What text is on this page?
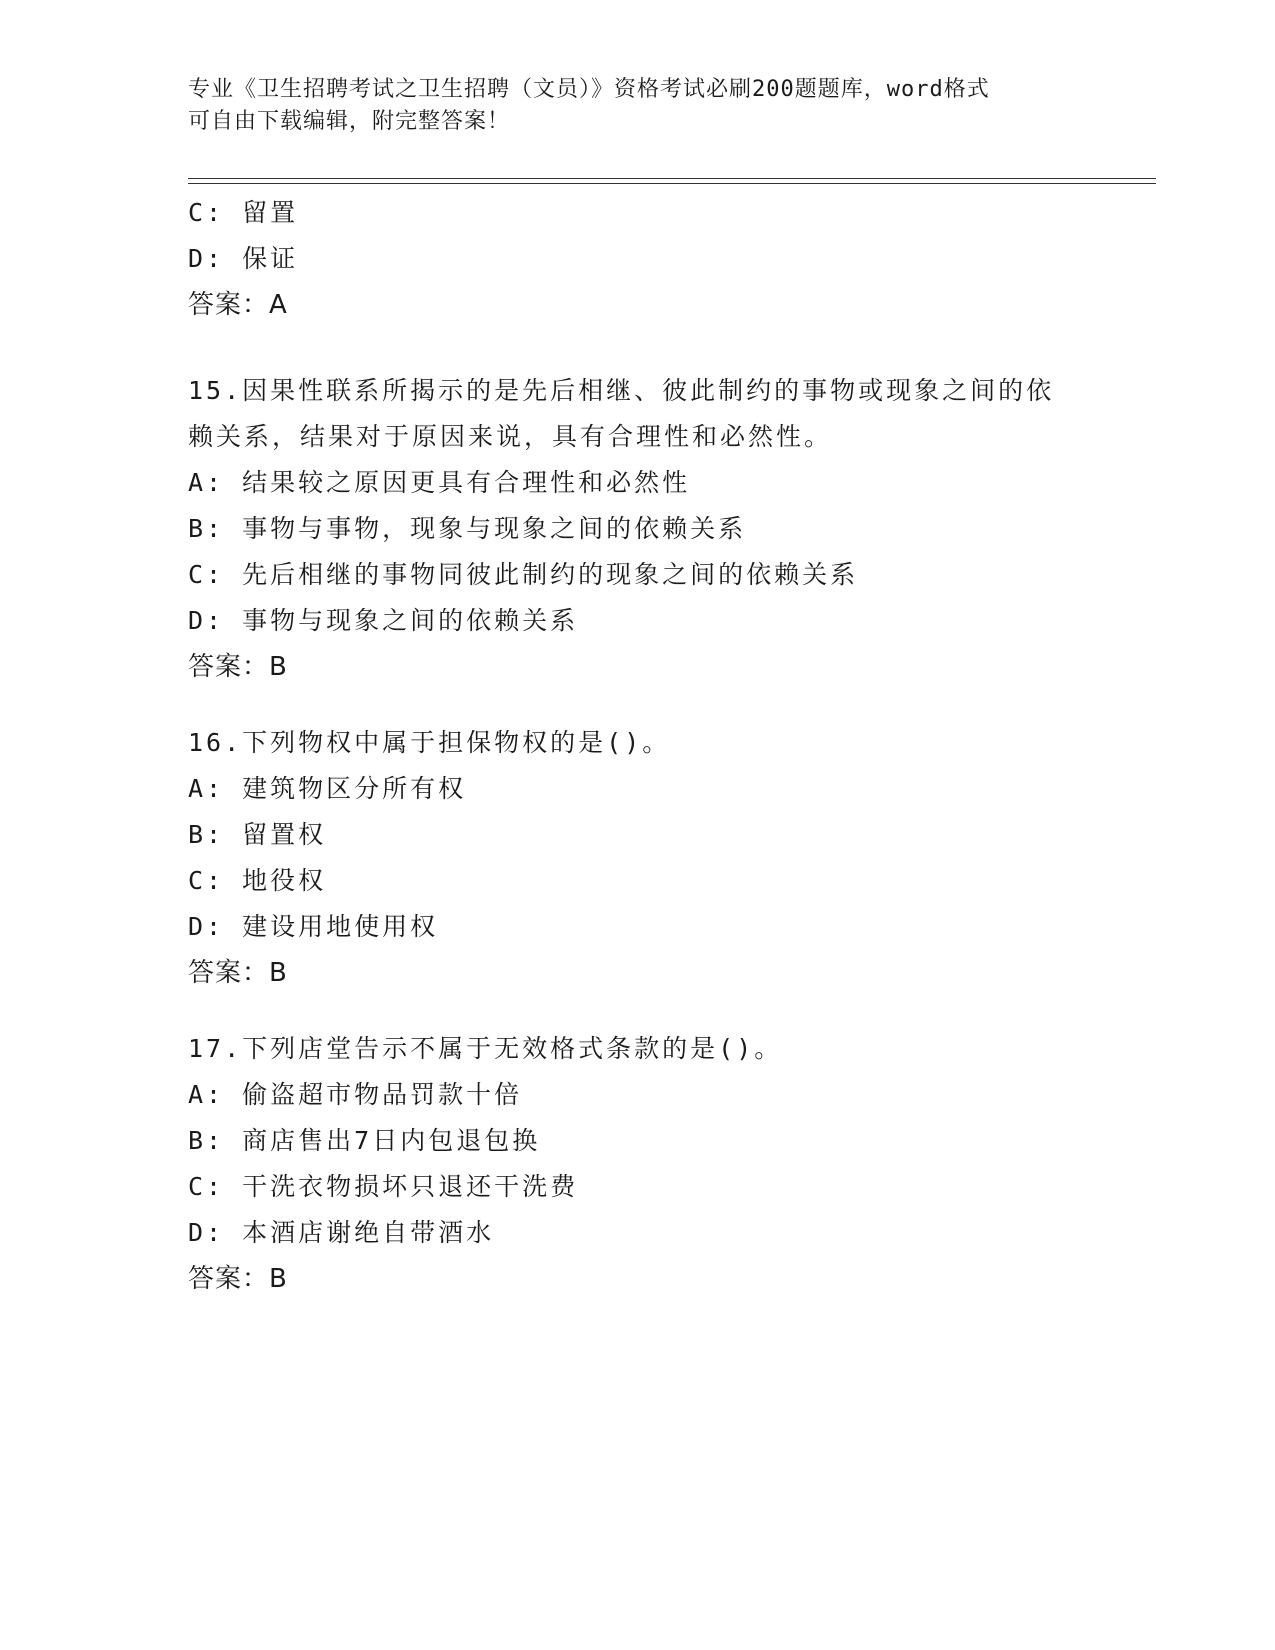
专业《卫生招聘考试之卫生招聘（文员）》资格考试必刷200题题库，word格式
可自由下载编辑，附完整答案！
C: 留置
D: 保证
答案：A
15.因果性联系所揭示的是先后相继、彼此制约的事物或现象之间的依
赖关系，结果对于原因来说，具有合理性和必然性。
A: 结果较之原因更具有合理性和必然性
B: 事物与事物，现象与现象之间的依赖关系
C: 先后相继的事物同彼此制约的现象之间的依赖关系
D: 事物与现象之间的依赖关系
答案：B
16.下列物权中属于担保物权的是()。
A: 建筑物区分所有权
B: 留置权
C: 地役权
D: 建设用地使用权
答案：B
17.下列店堂告示不属于无效格式条款的是()。
A: 偷盗超市物品罚款十倍
B: 商店售出7日内包退包换
C: 干洗衣物损坏只退还干洗费
D: 本酒店谢绝自带酒水
答案：B
